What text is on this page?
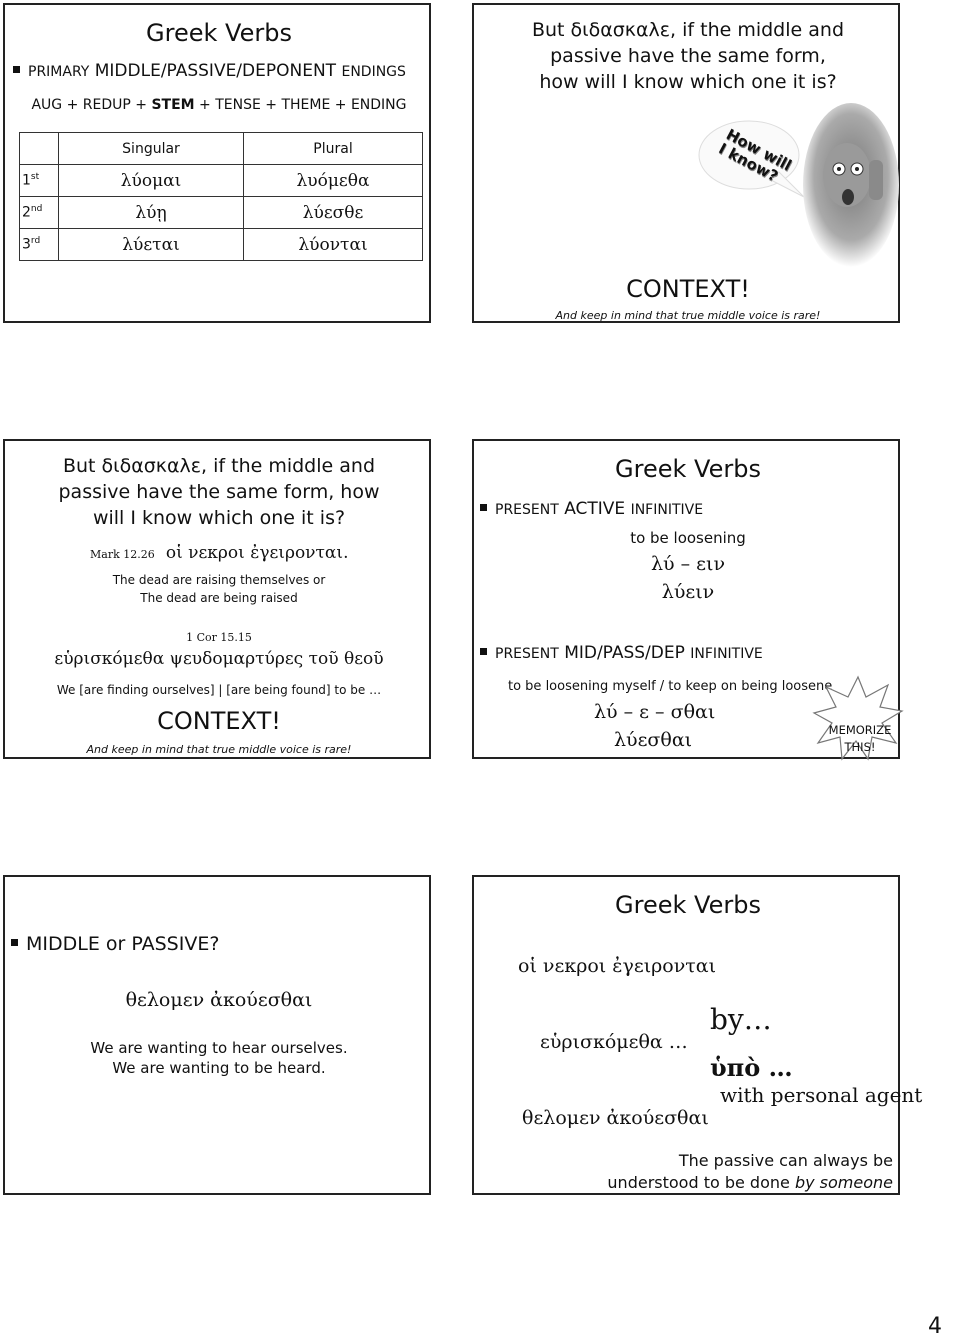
Greek Verbs
PRIMARY MIDDLE/PASSIVE/DEPONENT ENDINGS
AUG + REDUP + STEM + TENSE + THEME + ENDING
	Singular	Plural
1st	λύομαι	λυόμεθα
2nd	λύῃ	λύεσθε
3rd	λύεται	λύονται
But διδασκαλε, if the middle and
passive have the same form,
how will I know which one it is?
How will I know?
CONTEXT!
And keep in mind that true middle voice is rare!
But διδασκαλε, if the middle and
passive have the same form, how
will I know which one it is?
Mark 12.26 οἱ νεκροι ἐγειρονται.
The dead are raising themselves or
The dead are being raised
1 Cor 15.15
εὑρισκόμεθα ψευδομαρτύρες τοῦ θεοῦ
We [are finding ourselves] | [are being found] to be …
CONTEXT!
And keep in mind that true middle voice is rare!
Greek Verbs
PRESENT ACTIVE INFINITIVE
to be loosening
λύ – ειν
λύειν
PRESENT MID/PASS/DEP INFINITIVE
to be loosening myself / to keep on being loosene
λύ – ε – σθαι
λύεσθαι	MEMORIZE
THIS!
MIDDLE or PASSIVE?
θελομεν ἀκούεσθαι
We are wanting to hear ourselves.
We are wanting to be heard.
Greek Verbs
οἱ νεκροι ἐγειρονται
εὑρισκόμεθα …
θελομεν ἀκούεσθαι
by…
ὑπὸ …
with personal agent
The passive can always be
understood to be done by someone
4
